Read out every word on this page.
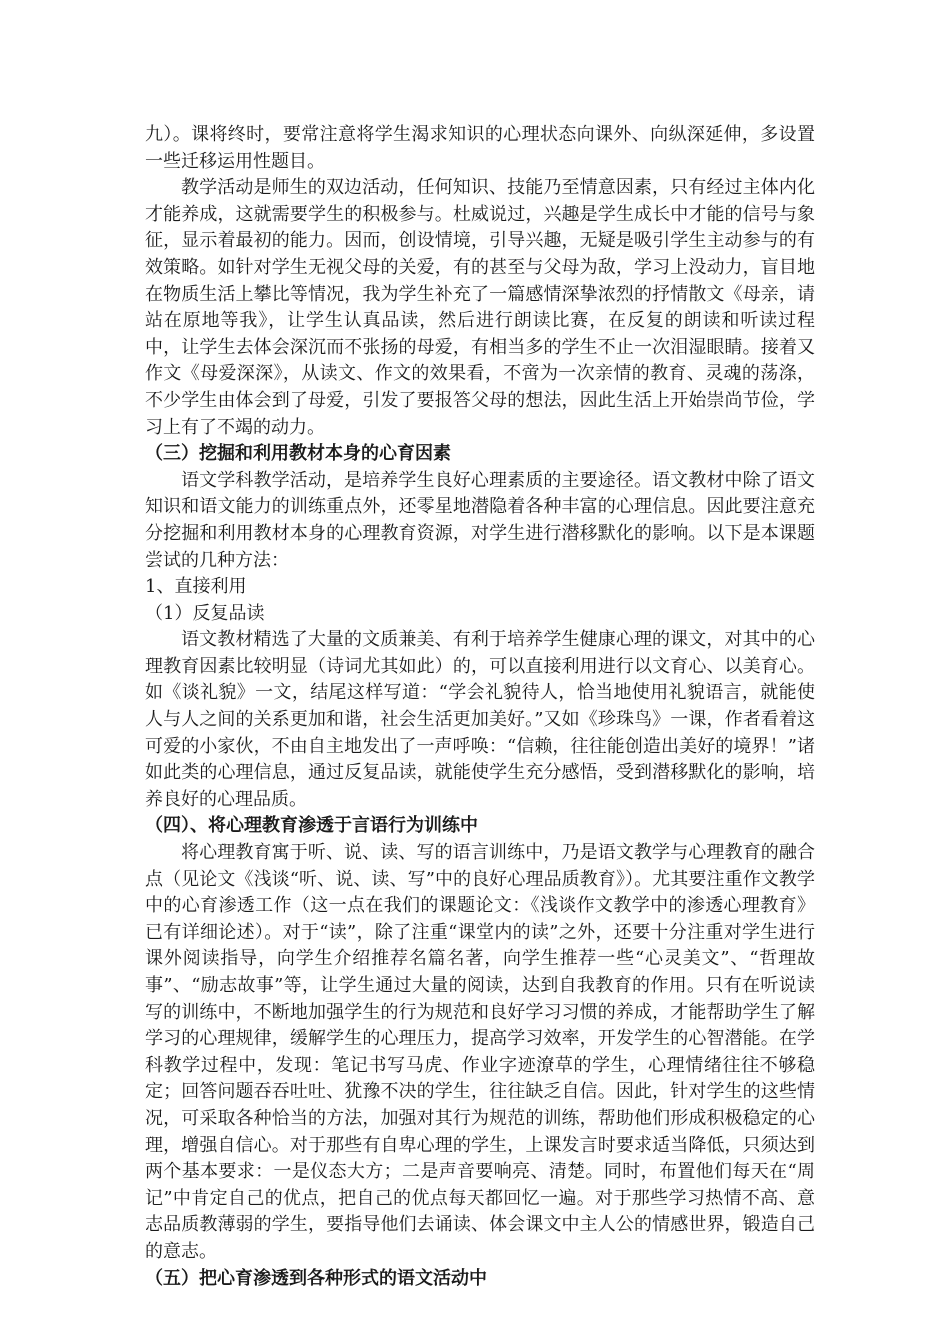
九）。课将终时，要常注意将学生渴求知识的心理状态向课外、向纵深延伸，多设置一些迁移运用性题目。

教学活动是师生的双边活动，任何知识、技能乃至情意因素，只有经过主体内化才能养成，这就需要学生的积极参与。杜威说过，兴趣是学生成长中才能的信号与象征，显示着最初的能力。因而，创设情境，引导兴趣，无疑是吸引学生主动参与的有效策略。如针对学生无视父母的关爱，有的甚至与父母为敌，学习上没动力，盲目地在物质生活上攀比等情况，我为学生补充了一篇感情深挚浓烈的抒情散文《母亲，请站在原地等我》，让学生认真品读，然后进行朗读比赛，在反复的朗读和听读过程中，让学生去体会深沉而不张扬的母爱，有相当多的学生不止一次泪湿眼睛。接着又作文《母爱深深》，从读文、作文的效果看，不啻为一次亲情的教育、灵魂的荡涤，不少学生由体会到了母爱，引发了要报答父母的想法，因此生活上开始崇尚节俭，学习上有了不竭的动力。

（三）挖掘和利用教材本身的心育因素

语文学科教学活动，是培养学生良好心理素质的主要途径。语文教材中除了语文知识和语文能力的训练重点外，还零星地潜隐着各种丰富的心理信息。因此要注意充分挖掘和利用教材本身的心理教育资源，对学生进行潜移默化的影响。以下是本课题尝试的几种方法：

1、直接利用

（1）反复品读

语文教材精选了大量的文质兼美、有利于培养学生健康心理的课文，对其中的心理教育因素比较明显（诗词尤其如此）的，可以直接利用进行以文育心、以美育心。如《谈礼貌》一文，结尾这样写道：“学会礼貌待人，恰当地使用礼貌语言，就能使人与人之间的关系更加和谐，社会生活更加美好。”又如《珍珠鸟》一课，作者看着这可爱的小家伙，不由自主地发出了一声呼唤：“信赖，往往能创造出美好的境界！”诸如此类的心理信息，通过反复品读，就能使学生充分感悟，受到潜移默化的影响，培养良好的心理品质。

（四）、将心理教育渗透于言语行为训练中

将心理教育寓于听、说、读、写的语言训练中，乃是语文教学与心理教育的融合点（见论文《浅谈“听、说、读、写”中的良好心理品质教育》）。尤其要注重作文教学中的心育渗透工作（这一点在我们的课题论文：《浅谈作文教学中的渗透心理教育》已有详细论述）。对于“读”，除了注重“课堂内的读”之外，还要十分注重对学生进行课外阅读指导，向学生介绍推荐名篇名著，向学生推荐一些“心灵美文”、“哲理故事”、“励志故事”等，让学生通过大量的阅读，达到自我教育的作用。只有在听说读写的训练中，不断地加强学生的行为规范和良好学习习惯的养成，才能帮助学生了解学习的心理规律，缓解学生的心理压力，提高学习效率，开发学生的心智潜能。在学科教学过程中，发现：笔记书写马虎、作业字迹潦草的学生，心理情绪往往不够稳定；回答问题吞吞吐吐、犹豫不决的学生，往往缺乏自信。因此，针对学生的这些情况，可采取各种恰当的方法，加强对其行为规范的训练，帮助他们形成积极稳定的心理，增强自信心。对于那些有自卑心理的学生，上课发言时要求适当降低，只须达到两个基本要求：一是仪态大方；二是声音要响亮、清楚。同时，布置他们每天在“周记”中肯定自己的优点，把自己的优点每天都回忆一遍。对于那些学习热情不高、意志品质教薄弱的学生，要指导他们去诵读、体会课文中主人公的情感世界，锻造自己的意志。

（五）把心育渗透到各种形式的语文活动中
